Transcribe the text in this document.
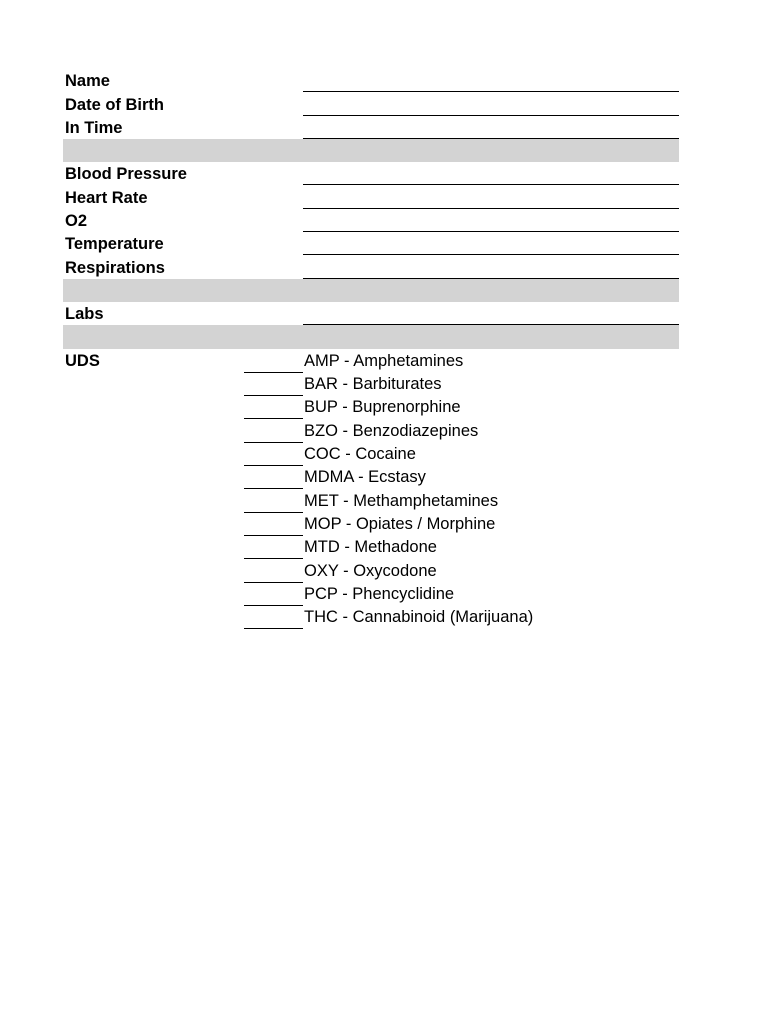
Name
Date of Birth
In Time
Blood Pressure
Heart Rate
O2
Temperature
Respirations
Labs
UDS	AMP - Amphetamines
BAR - Barbiturates
BUP - Buprenorphine
BZO - Benzodiazepines
COC - Cocaine
MDMA - Ecstasy
MET - Methamphetamines
MOP - Opiates / Morphine
MTD - Methadone
OXY - Oxycodone
PCP - Phencyclidine
THC - Cannabinoid (Marijuana)
